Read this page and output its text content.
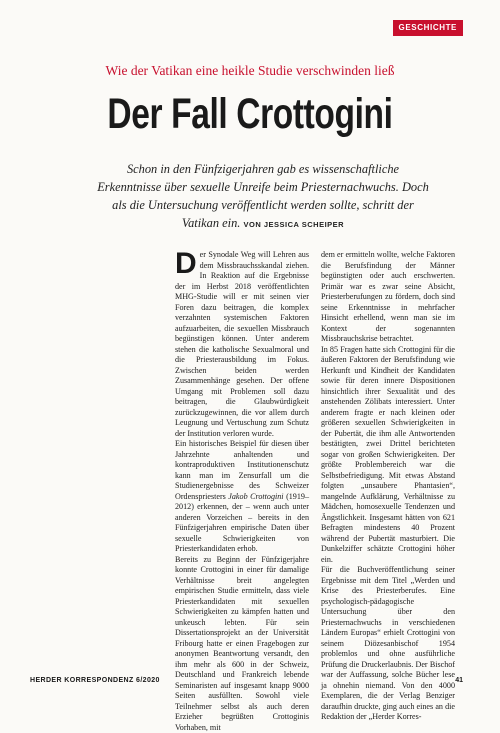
GESCHICHTE
Wie der Vatikan eine heikle Studie verschwinden ließ
Der Fall Crottogini
Schon in den Fünfzigerjahren gab es wissenschaftliche Erkenntnisse über sexuelle Unreife beim Priesternachwuchs. Doch als die Untersuchung veröffentlicht werden sollte, schritt der Vatikan ein. VON JESSICA SCHEIPER

Der Synodale Weg will Lehren aus dem Missbrauchsskandal ziehen. In Reaktion auf die Ergebnisse der im Herbst 2018 veröffentlichten MHG-Studie will er mit seinen vier Foren dazu beitragen, die komplex verzahnten systemischen Faktoren aufzuarbeiten, die sexuellen Missbrauch begünstigen können. Unter anderem stehen die katholische Sexualmoral und die Priesterausbildung im Fokus. Zwischen beiden werden Zusammenhänge gesehen. Der offene Umgang mit Problemen soll dazu beitragen, die Glaubwürdigkeit zurückzugewinnen, die vor allem durch Leugnung und Vertuschung zum Schutz der Institution verloren wurde.

Ein historisches Beispiel für diesen über Jahrzehnte anhaltenden und kontraproduktiven Institutionenschutz kann man im Zensurfall um die Studienergebnisse des Schweizer Ordenspriesters Jakob Crottogini (1919–2012) erkennen, der – wenn auch unter anderen Vorzeichen – bereits in den Fünfzigerjahren empirische Daten über sexuelle Schwierigkeiten von Priesterkandidaten erhob.

Bereits zu Beginn der Fünfzigerjahre konnte Crottogini in einer für damalige Verhältnisse breit angelegten empirischen Studie ermitteln, dass viele Priesterkandidaten mit sexuellen Schwierigkeiten zu kämpfen hatten und unkeusch lebten. Für sein Dissertationsprojekt an der Universität Fribourg hatte er einen Fragebogen zur anonymen Beantwortung versandt, den ihm mehr als 600 in der Schweiz, Deutschland und Frankreich lebende Seminaristen auf insgesamt knapp 9000 Seiten ausfüllten. Sowohl viele Teilnehmer selbst als auch deren Erzieher begrüßten Crottoginis Vorhaben, mit

dem er ermitteln wollte, welche Faktoren die Berufsfindung der Männer begünstigten oder auch erschwerten. Primär war es zwar seine Absicht, Priesterberufungen zu fördern, doch sind seine Erkenntnisse in mehrfacher Hinsicht erhellend, wenn man sie im Kontext der sogenannten Missbrauchskrise betrachtet.

In 85 Fragen hatte sich Crottogini für die äußeren Faktoren der Berufsfindung wie Herkunft und Kindheit der Kandidaten sowie für deren innere Dispositionen hinsichtlich ihrer Sexualität und des anstehenden Zölibats interessiert. Unter anderem fragte er nach kleinen oder größeren sexuellen Schwierigkeiten in der Pubertät, die ihm alle Antwortenden bestätigten, zwei Drittel berichteten sogar von großen Schwierigkeiten. Der größte Problembereich war die Selbstbefriedigung. Mit etwas Abstand folgten „unsaubere Phantasien“, mangelnde Aufklärung, Verhältnisse zu Mädchen, homosexuelle Tendenzen und Ängstlichkeit. Insgesamt hätten von 621 Befragten mindestens 40 Prozent während der Pubertät masturbiert. Die Dunkelziffer schätzte Crottogini höher ein.

Für die Buchveröffentlichung seiner Ergebnisse mit dem Titel „Werden und Krise des Priesterberufes. Eine psychologisch-pädagogische Untersuchung über den Priesternachwuchs in verschiedenen Ländern Europas“ erhielt Crottogini von seinem Diözesanbischof 1954 problemlos und ohne ausführliche Prüfung die Druckerlaubnis. Der Bischof war der Auffassung, solche Bücher lese ja ohnehin niemand. Von den 4000 Exemplaren, die der Verlag Benziger daraufhin druckte, ging auch eines an die Redaktion der „Herder Korres-

HERDER KORRESPONDENZ 6/2020	41
